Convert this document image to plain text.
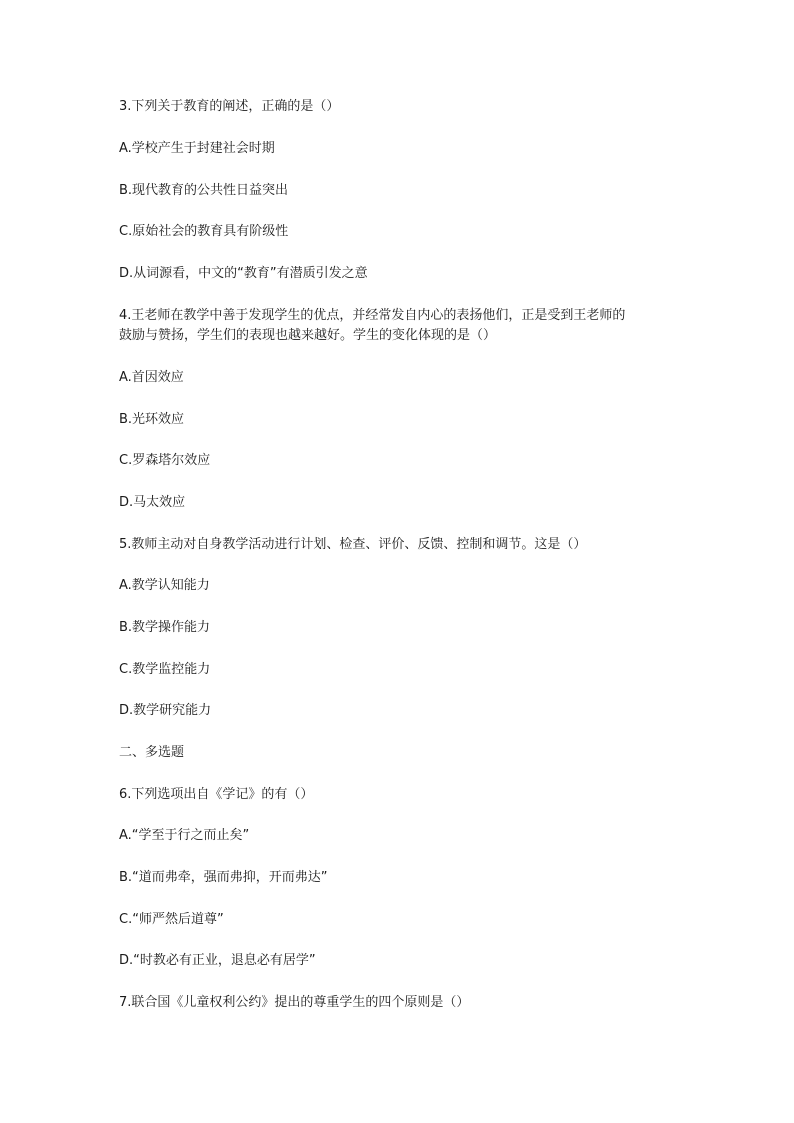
3.下列关于教育的阐述，正确的是（）
A.学校产生于封建社会时期
B.现代教育的公共性日益突出
C.原始社会的教育具有阶级性
D.从词源看，中文的“教育”有潜质引发之意
4.王老师在教学中善于发现学生的优点，并经常发自内心的表扬他们，正是受到王老师的
鼓励与赞扬，学生们的表现也越来越好。学生的变化体现的是（）
A.首因效应
B.光环效应
C.罗森塔尔效应
D.马太效应
5.教师主动对自身教学活动进行计划、检查、评价、反馈、控制和调节。这是（）
A.教学认知能力
B.教学操作能力
C.教学监控能力
D.教学研究能力
二、多选题
6.下列选项出自《学记》的有（）
A.“学至于行之而止矣”
B.“道而弗牵，强而弗抑，开而弗达”
C.“师严然后道尊”
D.“时教必有正业，退息必有居学”
7.联合国《儿童权利公约》提出的尊重学生的四个原则是（）
